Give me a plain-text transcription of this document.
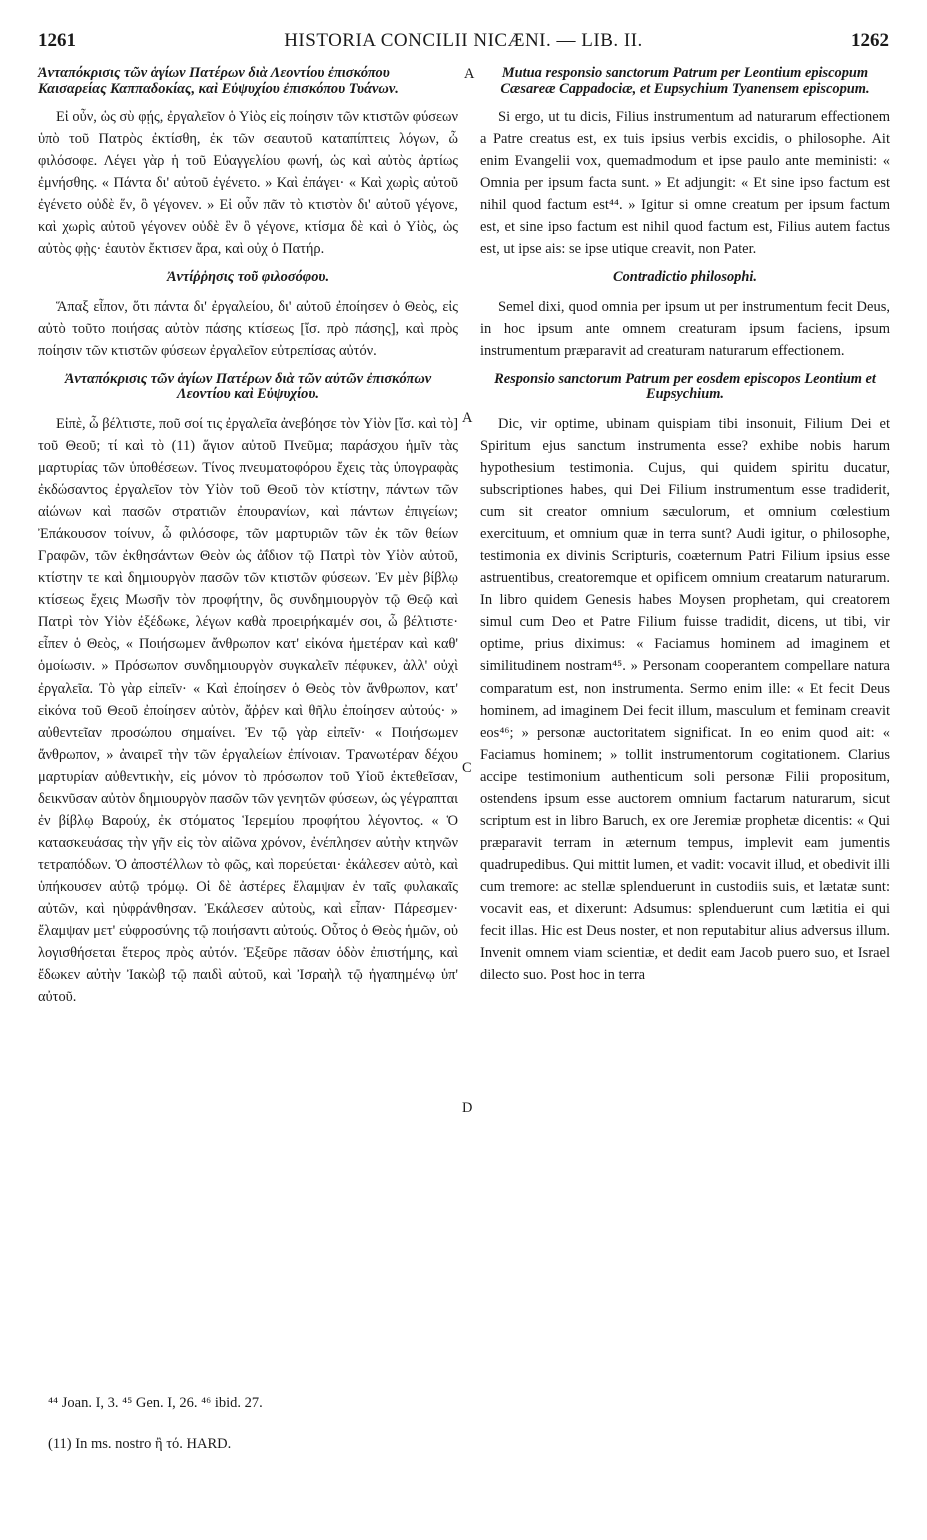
1261	HISTORIA CONCILII NICÆNI. — LIB. II.	1262
Ἀνταπόκρισις τῶν ἁγίων Πατέρων διὰ Λεοντίου ἐπισκόπου Καισαρείας Καππαδοκίας, καὶ Εὐψυχίου ἐπισκόπου Τυάνων.

Εἰ οὖν, ὡς σὺ φῄς, ἐργαλεῖον ὁ Υἱὸς εἰς ποίησιν τῶν κτιστῶν φύσεων ὑπὸ τοῦ Πατρὸς ἐκτίσθη, ἐκ τῶν σεαυτοῦ καταπίπτεις λόγων, ὦ φιλόσοφε. Λέγει γὰρ ἡ τοῦ Εὐαγγελίου φωνή, ὡς καὶ αὐτὸς ἀρτίως ἐμνήσθης. « Πάντα δι' αὐτοῦ ἐγένετο. » Καὶ ἐπάγει· « Καὶ χωρὶς αὐτοῦ ἐγένετο οὐδὲ ἕν, ὃ γέγονεν. » Εἰ οὖν πᾶν τὸ κτιστὸν δι' αὐτοῦ γέγονε, καὶ χωρὶς αὐτοῦ γέγονεν οὐδὲ ἓν ὃ γέγονε, κτίσμα δὲ καὶ ὁ Υἱὸς, ὡς αὐτὸς φῂς· ἑαυτὸν ἔκτισεν ἄρα, καὶ οὐχ ὁ Πατήρ.

Ἀντίῤῥησις τοῦ φιλοσόφου.

Ἅπαξ εἶπον, ὅτι πάντα δι' ἐργαλείου, δι' αὐτοῦ ἐποίησεν ὁ Θεὸς, εἰς αὐτὸ τοῦτο ποιήσας αὐτὸν πάσης κτίσεως [ἴσ. πρὸ πάσης], καὶ πρὸς ποίησιν τῶν κτιστῶν φύσεων ἐργαλεῖον εὐτρεπίσας αὐτόν.

Ἀνταπόκρισις τῶν ἁγίων Πατέρων διὰ τῶν αὐτῶν ἐπισκόπων Λεοντίου καὶ Εὐψυχίου.

Εἰπὲ, ὦ βέλτιστε, ποῦ σοί τις ἐργαλεῖα ἀνεβόησε τὸν Υἱὸν [ἴσ. καὶ τὸ] τοῦ Θεοῦ; τί καὶ τὸ (11) ἅγιον αὐτοῦ Πνεῦμα; παράσχου ἡμῖν τὰς μαρτυρίας τῶν ὑποθέσεων. Τίνος πνευματοφόρου ἔχεις τὰς ὑπογραφὰς ἐκδώσαντος ἐργαλεῖον τὸν Υἱὸν τοῦ Θεοῦ τὸν κτίστην, πάντων τῶν αἰώνων καὶ πασῶν στρατιῶν ἐπουρανίων, καὶ πάντων ἐπιγείων; Ἐπάκουσον τοίνυν, ὦ φιλόσοφε, τῶν μαρτυριῶν τῶν ἐκ τῶν θείων Γραφῶν, τῶν ἐκθησάντων Θεὸν ὡς ἀΐδιον τῷ Πατρὶ τὸν Υἱὸν αὐτοῦ, κτίστην τε καὶ δημιουργὸν πασῶν τῶν κτιστῶν φύσεων. Ἐν μὲν βίβλῳ κτίσεως ἔχεις Μωσῆν τὸν προφήτην, ὃς συνδημιουργὸν τῷ Θεῷ καὶ Πατρὶ τὸν Υἱὸν ἐξέδωκε, λέγων καθὰ προειρήκαμέν σοι, ὦ βέλτιστε· εἶπεν ὁ Θεὸς, « Ποιήσωμεν ἄνθρωπον κατ' εἰκόνα ἡμετέραν καὶ καθ' ὁμοίωσιν. » Πρόσωπον συνδημιουργὸν συγκαλεῖν πέφυκεν, ἀλλ' οὐχὶ ἐργαλεῖα. Τὸ γὰρ εἰπεῖν· « Καὶ ἐποίησεν ὁ Θεὸς τὸν ἄνθρωπον, κατ' εἰκόνα τοῦ Θεοῦ ἐποίησεν αὐτὸν, ἄῤῥεν καὶ θῆλυ ἐποίησεν αὐτούς· » αὐθεντεῖαν προσώπου σημαίνει. Ἐν τῷ γὰρ εἰπεῖν· « Ποιήσωμεν ἄνθρωπον, » ἀναιρεῖ τὴν τῶν ἐργαλείων ἐπίνοιαν. Τρανωτέραν δέχου μαρτυρίαν αὐθεντικὴν, εἰς μόνον τὸ πρόσωπον τοῦ Υἱοῦ ἐκτεθεῖσαν, δεικνῦσαν αὐτὸν δημιουργὸν πασῶν τῶν γενητῶν φύσεων, ὡς γέγραπται ἐν βίβλῳ Βαρούχ, ἐκ στόματος Ἱερεμίου προφήτου λέγοντος. « Ὁ κατασκευάσας τὴν γῆν εἰς τὸν αἰῶνα χρόνον, ἐνέπλησεν αὐτὴν κτηνῶν τετραπόδων. Ὁ ἀποστέλλων τὸ φῶς, καὶ πορεύεται· ἐκάλεσεν αὐτὸ, καὶ ὑπήκουσεν αὐτῷ τρόμῳ. Οἱ δὲ ἀστέρες ἔλαμψαν ἐν ταῖς φυλακαῖς αὐτῶν, καὶ ηὐφράνθησαν. Ἐκάλεσεν αὐτοὺς, καὶ εἶπαν· Πάρεσμεν· ἔλαμψαν μετ' εὐφροσύνης τῷ ποιήσαντι αὐτούς. Οὗτος ὁ Θεὸς ἡμῶν, οὐ λογισθήσεται ἕτερος πρὸς αὐτόν. Ἐξεῦρε πᾶσαν ὁδὸν ἐπιστήμης, καὶ ἔδωκεν αὐτὴν Ἰακὼβ τῷ παιδὶ αὐτοῦ, καὶ Ἰσραὴλ τῷ ἠγαπημένῳ ὑπ' αὐτοῦ.

Mutua responsio sanctorum Patrum per Leontium episcopum Cæsareæ Cappadociæ, et Eupsychium Tyanensem episcopum.

Si ergo, ut tu dicis, Filius instrumentum ad naturarum effectionem a Patre creatus est, ex tuis ipsius verbis excidis, o philosophe. Ait enim Evangelii vox, quemadmodum et ipse paulo ante meministi: « Omnia per ipsum facta sunt. » Et adjungit: « Et sine ipso factum est nihil quod factum est⁴⁴. » Igitur si omne creatum per ipsum factum est, et sine ipso factum est nihil quod factum est, Filius autem factus est, ut ipse ais: se ipse utique creavit, non Pater.

Contradictio philosophi.

Semel dixi, quod omnia per ipsum ut per instrumentum fecit Deus, in hoc ipsum ante omnem creaturam ipsum faciens, ipsum instrumentum præparavit ad creaturam naturarum effectionem.

Responsio sanctorum Patrum per eosdem episcopos Leontium et Eupsychium.

Dic, vir optime, ubinam quispiam tibi insonuit, Filium Dei et Spiritum ejus sanctum instrumenta esse? exhibe nobis harum hypothesium testimonia. Cujus, qui quidem spiritu ducatur, subscriptiones habes, qui Dei Filium instrumentum esse tradiderit, cum sit creator omnium sæculorum, et omnium cœlestium exercituum, et omnium quæ in terra sunt? Audi igitur, o philosophe, testimonia ex divinis Scripturis, coæternum Patri Filium ipsius esse astruentibus, creatoremque et opificem omnium creatarum naturarum. In libro quidem Genesis habes Moysen prophetam, qui creatorem simul cum Deo et Patre Filium fuisse tradidit, dicens, ut tibi, vir optime, prius diximus: « Faciamus hominem ad imaginem et similitudinem nostram⁴⁵. » Personam cooperantem compellare natura comparatum est, non instrumenta. Sermo enim ille: « Et fecit Deus hominem, ad imaginem Dei fecit illum, masculum et feminam creavit eos⁴⁶; » personæ auctoritatem significat. In eo enim quod ait: « Faciamus hominem; » tollit instrumentorum cogitationem. Clarius accipe testimonium authenticum soli personæ Filii propositum, ostendens ipsum esse auctorem omnium factarum naturarum, sicut scriptum est in libro Baruch, ex ore Jeremiæ prophetæ dicentis: « Qui præparavit terram in æternum tempus, implevit eam jumentis quadrupedibus. Qui mittit lumen, et vadit: vocavit illud, et obedivit illi cum tremore: ac stellæ splenduerunt in custodiis suis, et lætatæ sunt: vocavit eas, et dixerunt: Adsumus: splenduerunt cum lætitia ei qui fecit illas. Hic est Deus noster, et non reputabitur alius adversus illum. Invenit omnem viam scientiæ, et dedit eam Jacob puero suo, et Israel dilecto suo. Post hoc in terra

A
A
C
D
⁴⁴ Joan. I, 3. ⁴⁵ Gen. I, 26. ⁴⁶ ibid. 27.
(11) In ms. nostro ἢ τό. HARD.
